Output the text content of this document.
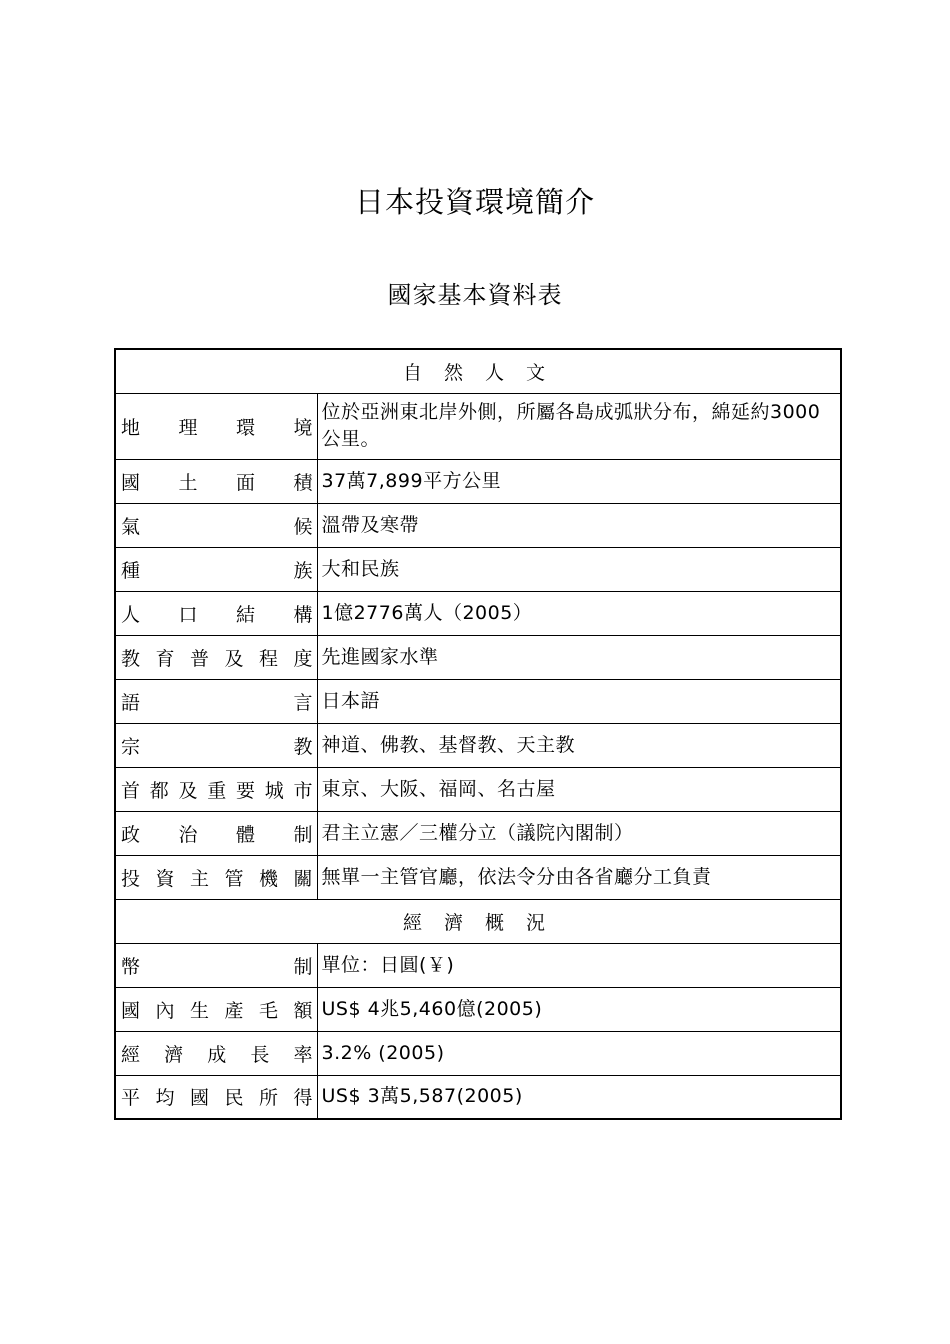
日本投資環境簡介
國家基本資料表
自 然 人 文	
地理環境	位於亞洲東北岸外側，所屬各島成弧狀分布，綿延約3000公里。
國土面積	37萬7,899平方公里
氣候	溫帶及寒帶
種族	大和民族
人口結構	1億2776萬人（2005）
教育普及程度	先進國家水準
語言	日本語
宗教	神道、佛教、基督教、天主教
首都及重要城市	東京、大阪、福岡、名古屋
政治體制	君主立憲／三權分立（議院內閣制）
投資主管機關	無單一主管官廳，依法令分由各省廳分工負責
經 濟 概 況	
幣制	單位：日圓(￥)
國內生產毛額	US$ 4兆5,460億(2005)
經濟成長率	3.2% (2005)
平均國民所得	US$ 3萬5,587(2005)
